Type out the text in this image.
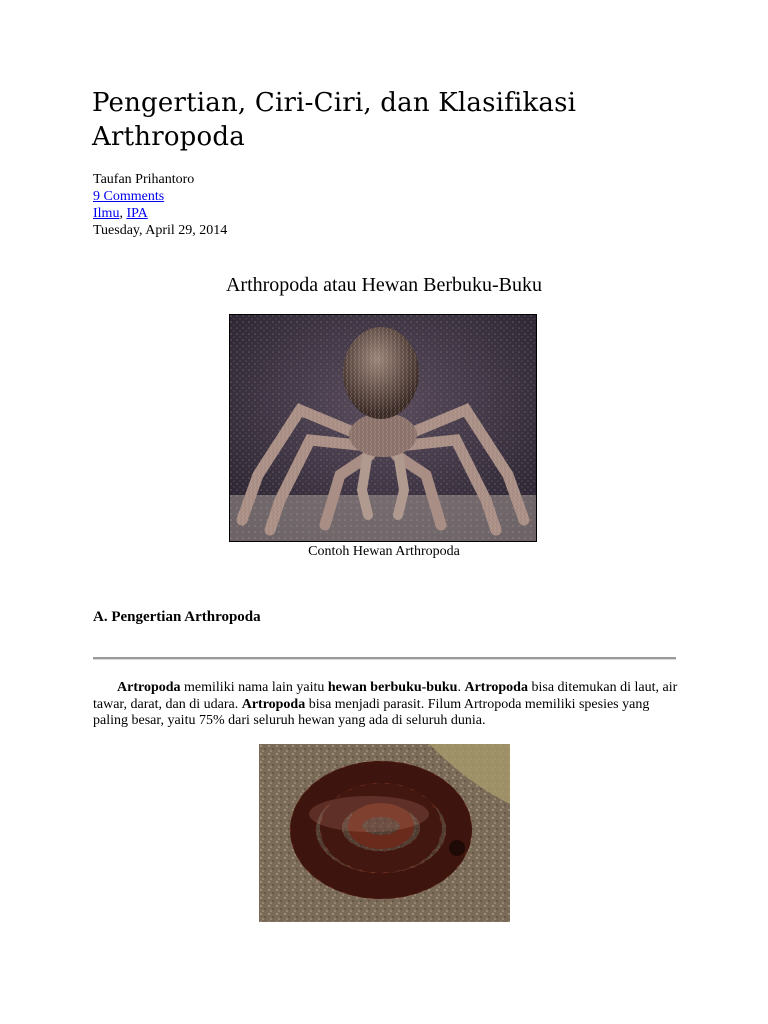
Pengertian, Ciri-Ciri, dan Klasifikasi Arthropoda
Taufan Prihantoro
9 Comments
Ilmu, IPA
Tuesday, April 29, 2014
Arthropoda atau Hewan Berbuku-Buku
Contoh Hewan Arthropoda
A. Pengertian Arthropoda

Artropoda memiliki nama lain yaitu hewan berbuku-buku. Artropoda bisa ditemukan di laut, air tawar, darat, dan di udara. Artropoda bisa menjadi parasit. Filum Artropoda memiliki spesies yang paling besar, yaitu 75% dari seluruh hewan yang ada di seluruh dunia.
